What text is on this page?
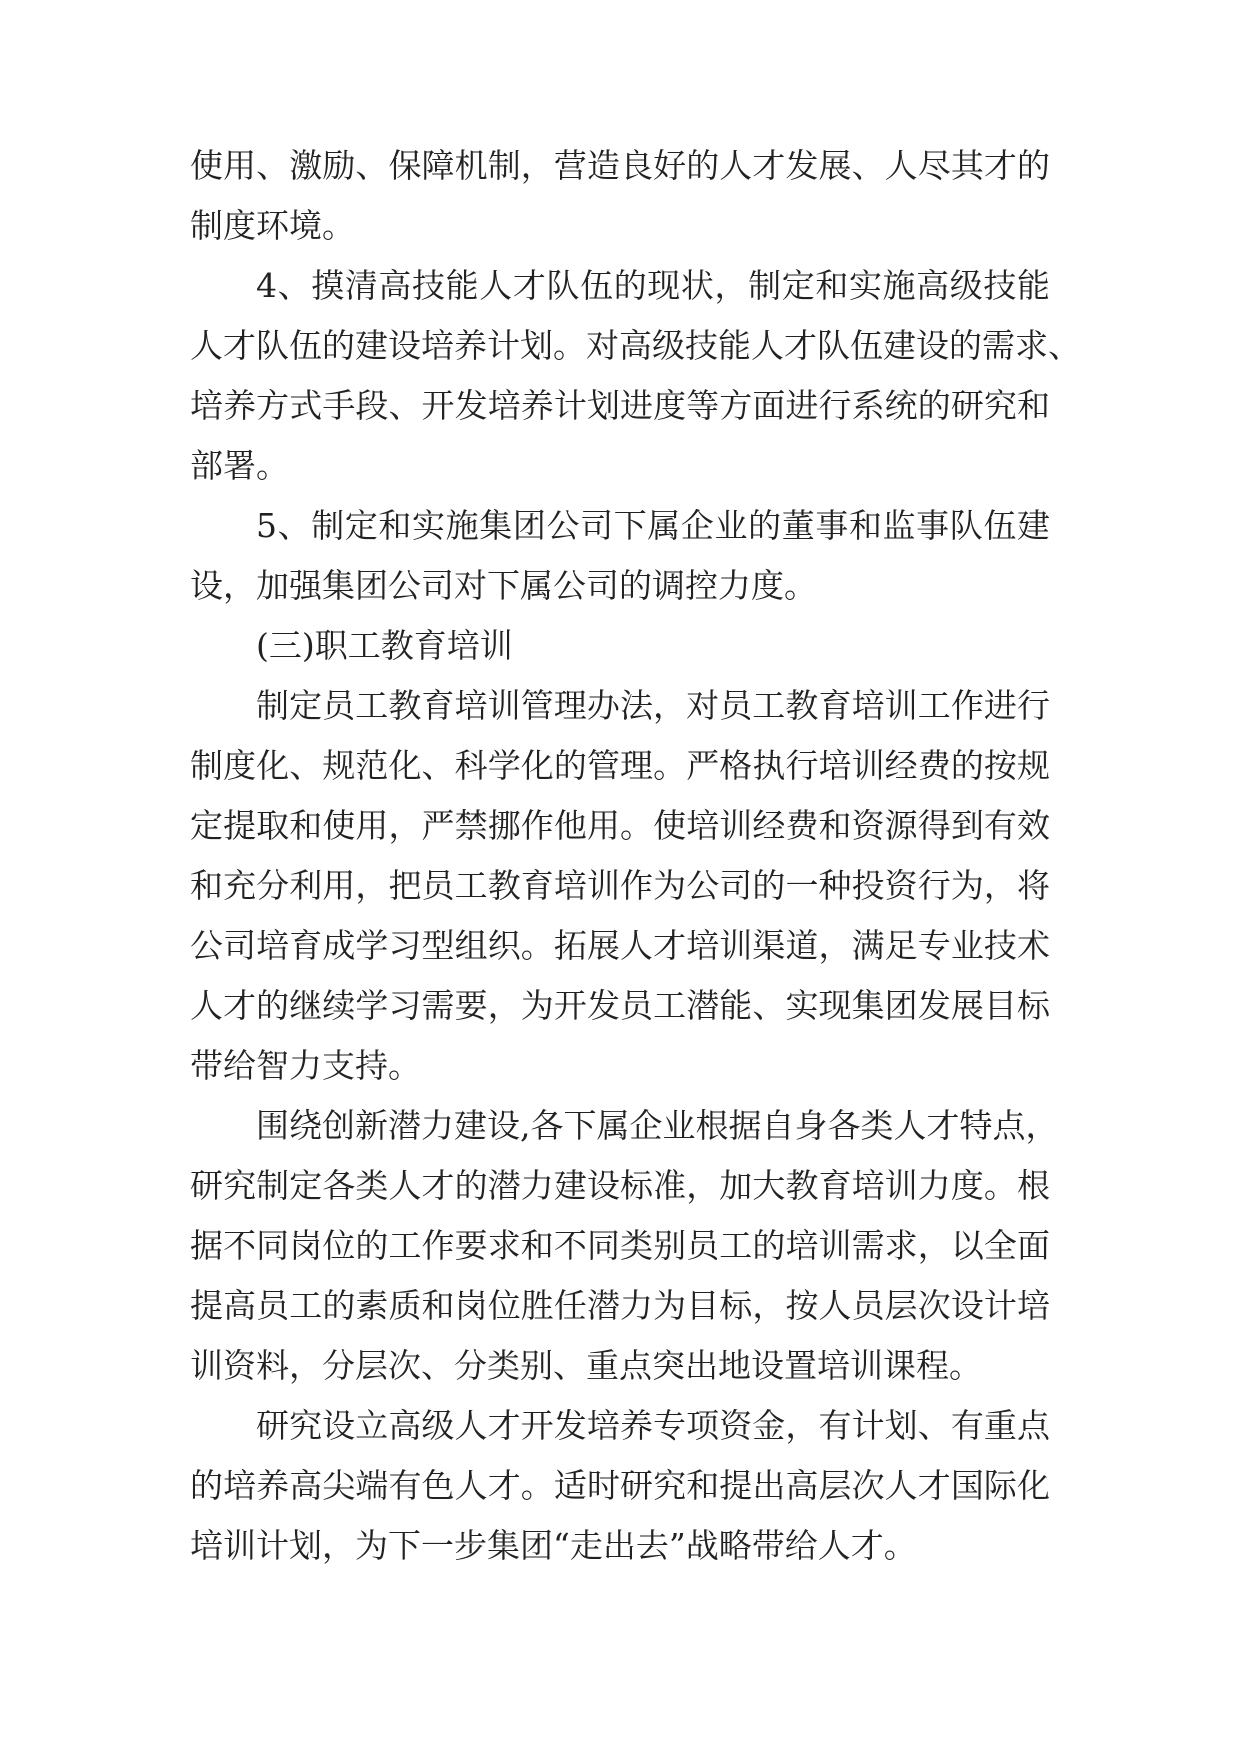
使用、激励、保障机制，营造良好的人才发展、人尽其才的
制度环境。
4、摸清高技能人才队伍的现状，制定和实施高级技能
人才队伍的建设培养计划。对高级技能人才队伍建设的需求、
培养方式手段、开发培养计划进度等方面进行系统的研究和
部署。
5、制定和实施集团公司下属企业的董事和监事队伍建
设，加强集团公司对下属公司的调控力度。
(三)职工教育培训
制定员工教育培训管理办法，对员工教育培训工作进行
制度化、规范化、科学化的管理。严格执行培训经费的按规
定提取和使用，严禁挪作他用。使培训经费和资源得到有效
和充分利用，把员工教育培训作为公司的一种投资行为，将
公司培育成学习型组织。拓展人才培训渠道，满足专业技术
人才的继续学习需要，为开发员工潜能、实现集团发展目标
带给智力支持。
围绕创新潜力建设,各下属企业根据自身各类人才特点，
研究制定各类人才的潜力建设标准，加大教育培训力度。根
据不同岗位的工作要求和不同类别员工的培训需求，以全面
提高员工的素质和岗位胜任潜力为目标，按人员层次设计培
训资料，分层次、分类别、重点突出地设置培训课程。
研究设立高级人才开发培养专项资金，有计划、有重点
的培养高尖端有色人才。适时研究和提出高层次人才国际化
培训计划，为下一步集团“走出去”战略带给人才。
